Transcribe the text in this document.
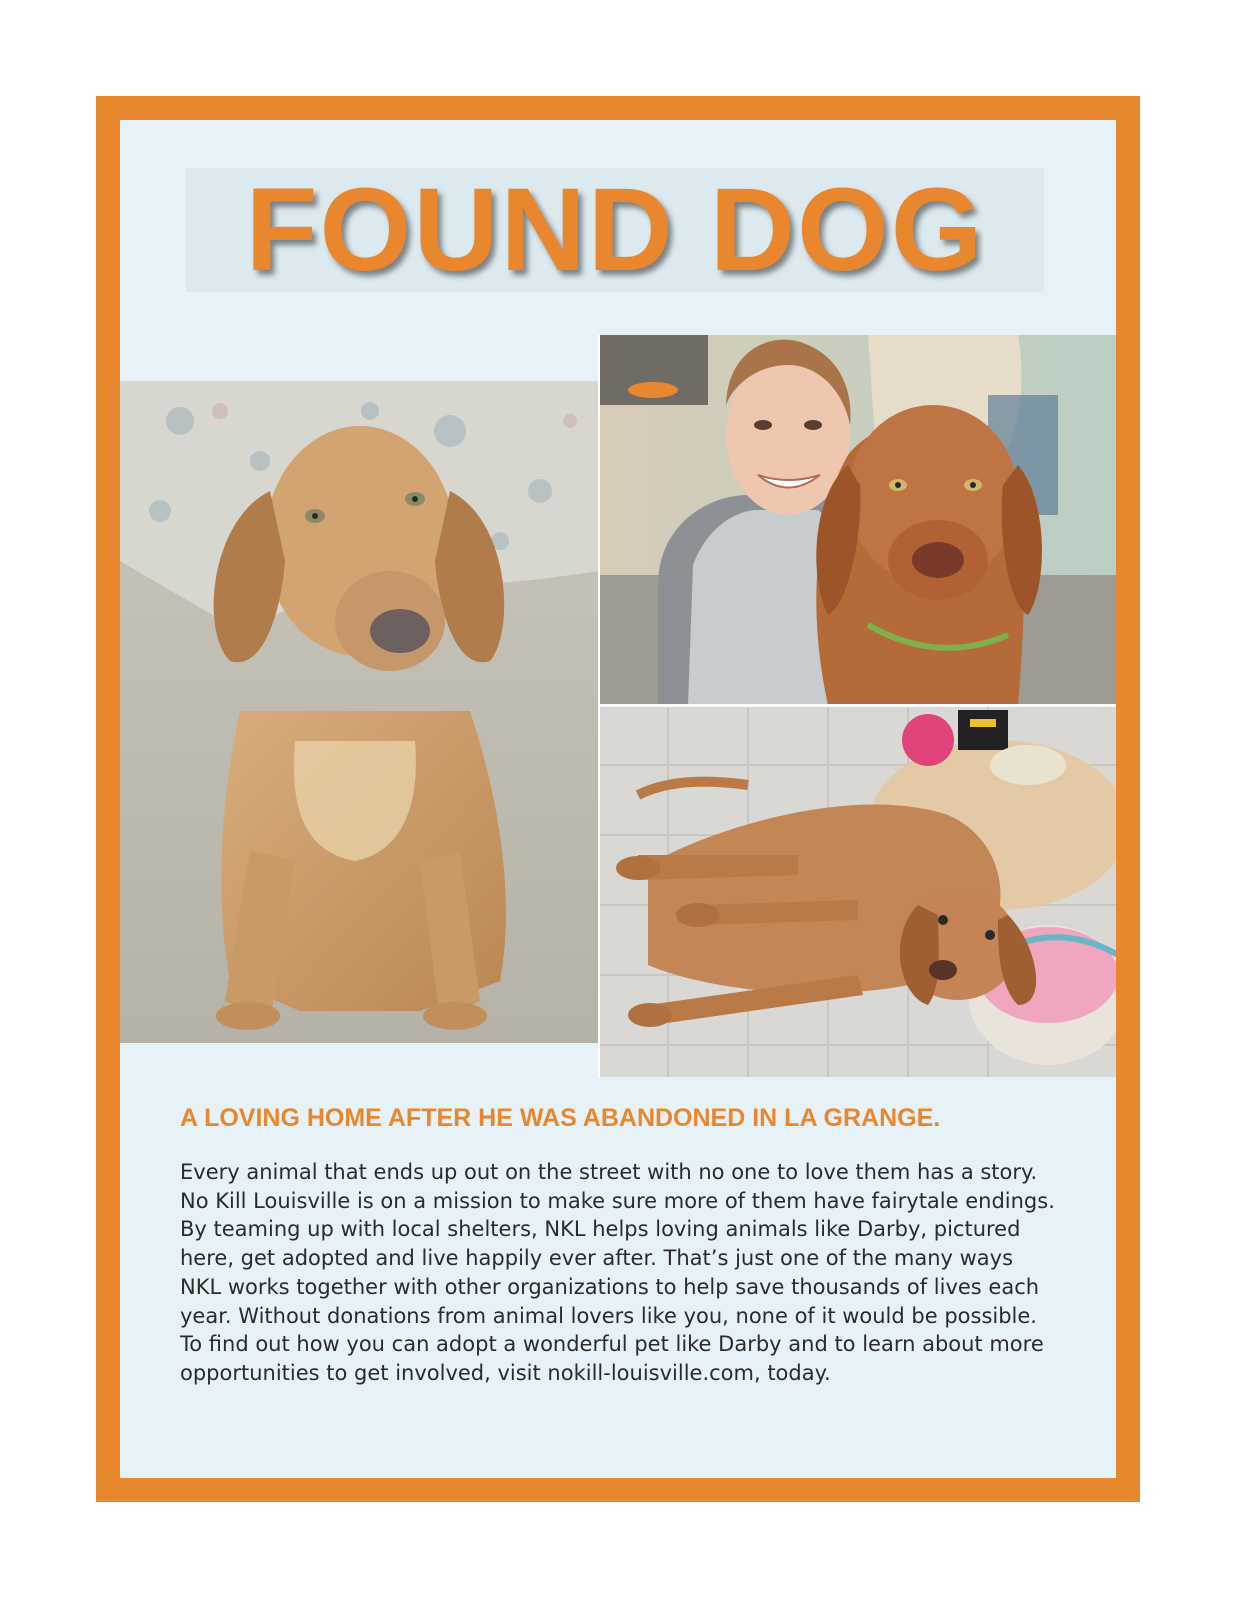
FOUND DOG
A LOVING HOME AFTER HE WAS ABANDONED IN LA GRANGE.

Every animal that ends up out on the street with no one to love them has a story.
No Kill Louisville is on a mission to make sure more of them have fairytale endings.
By teaming up with local shelters, NKL helps loving animals like Darby, pictured
here, get adopted and live happily ever after. That’s just one of the many ways
NKL works together with other organizations to help save thousands of lives each
year. Without donations from animal lovers like you, none of it would be possible.
To find out how you can adopt a wonderful pet like Darby and to learn about more
opportunities to get involved, visit nokill-louisville.com, today.
